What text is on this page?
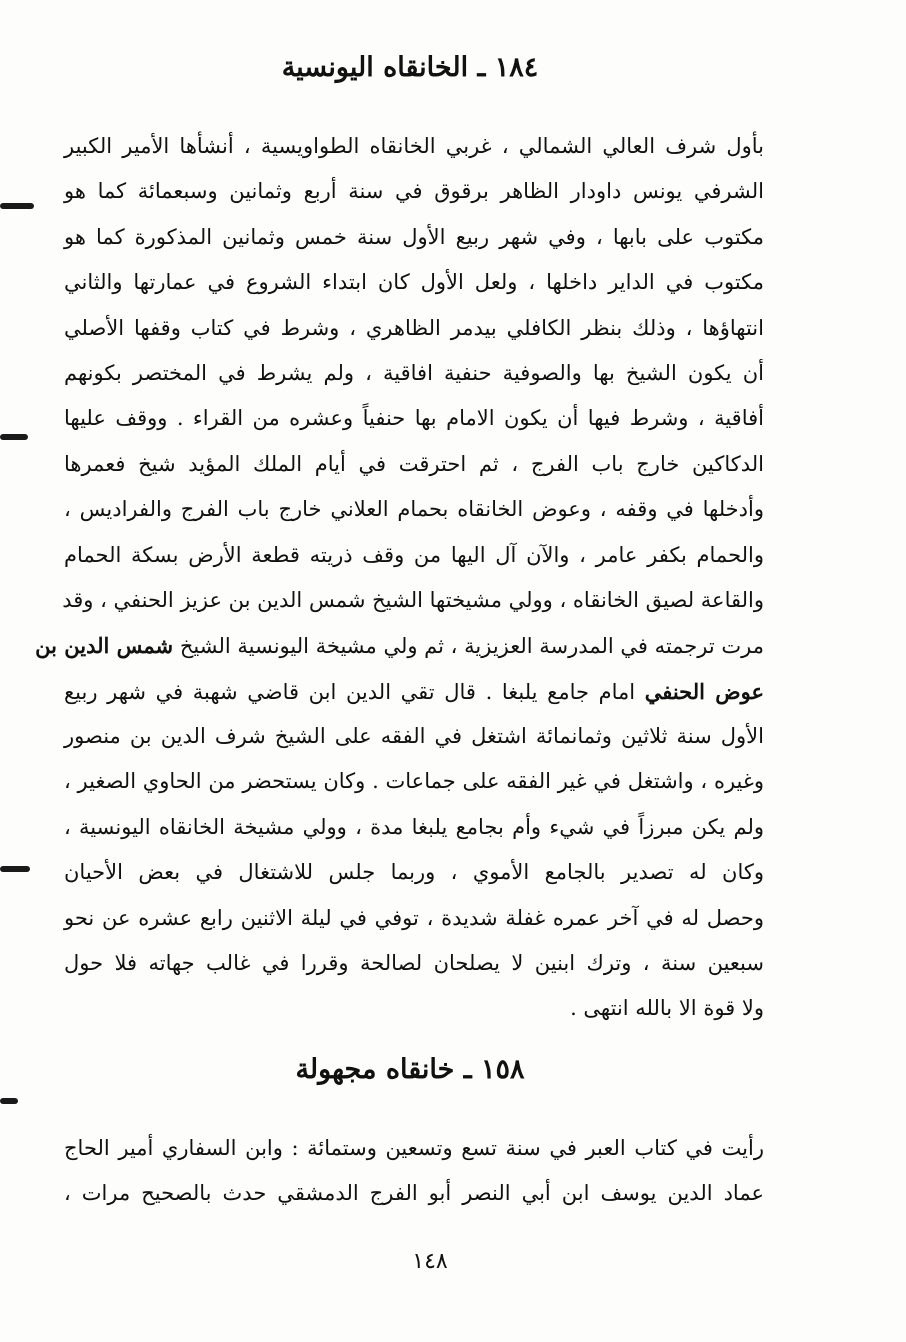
١٨٤ ـ الخانقاه اليونسية
بأول شرف العالي الشمالي ، غربي الخانقاه الطواويسية ، أنشأها الأمير الكبير
الشرفي يونس داودار الظاهر برقوق في سنة أربع وثمانين وسبعمائة كما هو
مكتوب على بابها ، وفي شهر ربيع الأول سنة خمس وثمانين المذكورة كما هو
مكتوب في الداير داخلها ، ولعل الأول كان ابتداء الشروع في عمارتها والثاني
انتهاؤها ، وذلك بنظر الكافلي بيدمر الظاهري ، وشرط في كتاب وقفها الأصلي
أن يكون الشيخ بها والصوفية حنفية افاقية ، ولم يشرط في المختصر بكونهم
أفاقية ، وشرط فيها أن يكون الامام بها حنفياً وعشره من القراء . ووقف عليها
الدكاكين خارج باب الفرج ، ثم احترقت في أيام الملك المؤيد شيخ فعمرها
وأدخلها في وقفه ، وعوض الخانقاه بحمام العلاني خارج باب الفرج والفراديس ،
والحمام بكفر عامر ، والآن آل اليها من وقف ذريته قطعة الأرض بسكة الحمام
والقاعة لصيق الخانقاه ، وولي مشيختها الشيخ شمس الدين بن عزيز الحنفي ، وقد
مرت ترجمته في المدرسة العزيزية ، ثم ولي مشيخة اليونسية الشيخ شمس الدين بن
عوض الحنفي امام جامع يلبغا . قال تقي الدين ابن قاضي شهبة في شهر ربيع
الأول سنة ثلاثين وثمانمائة اشتغل في الفقه على الشيخ شرف الدين بن منصور
وغيره ، واشتغل في غير الفقه على جماعات . وكان يستحضر من الحاوي الصغير ،
ولم يكن مبرزاً في شيء وأم بجامع يلبغا مدة ، وولي مشيخة الخانقاه اليونسية ،
وكان له تصدير بالجامع الأموي ، وربما جلس للاشتغال في بعض الأحيان
وحصل له في آخر عمره غفلة شديدة ، توفي في ليلة الاثنين رابع عشره عن نحو
سبعين سنة ، وترك ابنين لا يصلحان لصالحة وقررا في غالب جهاته فلا حول
ولا قوة الا بالله انتهى .
١٥٨ ـ خانقاه مجهولة
رأيت في كتاب العبر في سنة تسع وتسعين وستمائة : وابن السفاري أمير الحاج
عماد الدين يوسف ابن أبي النصر أبو الفرج الدمشقي حدث بالصحيح مرات ،
١٤٨
